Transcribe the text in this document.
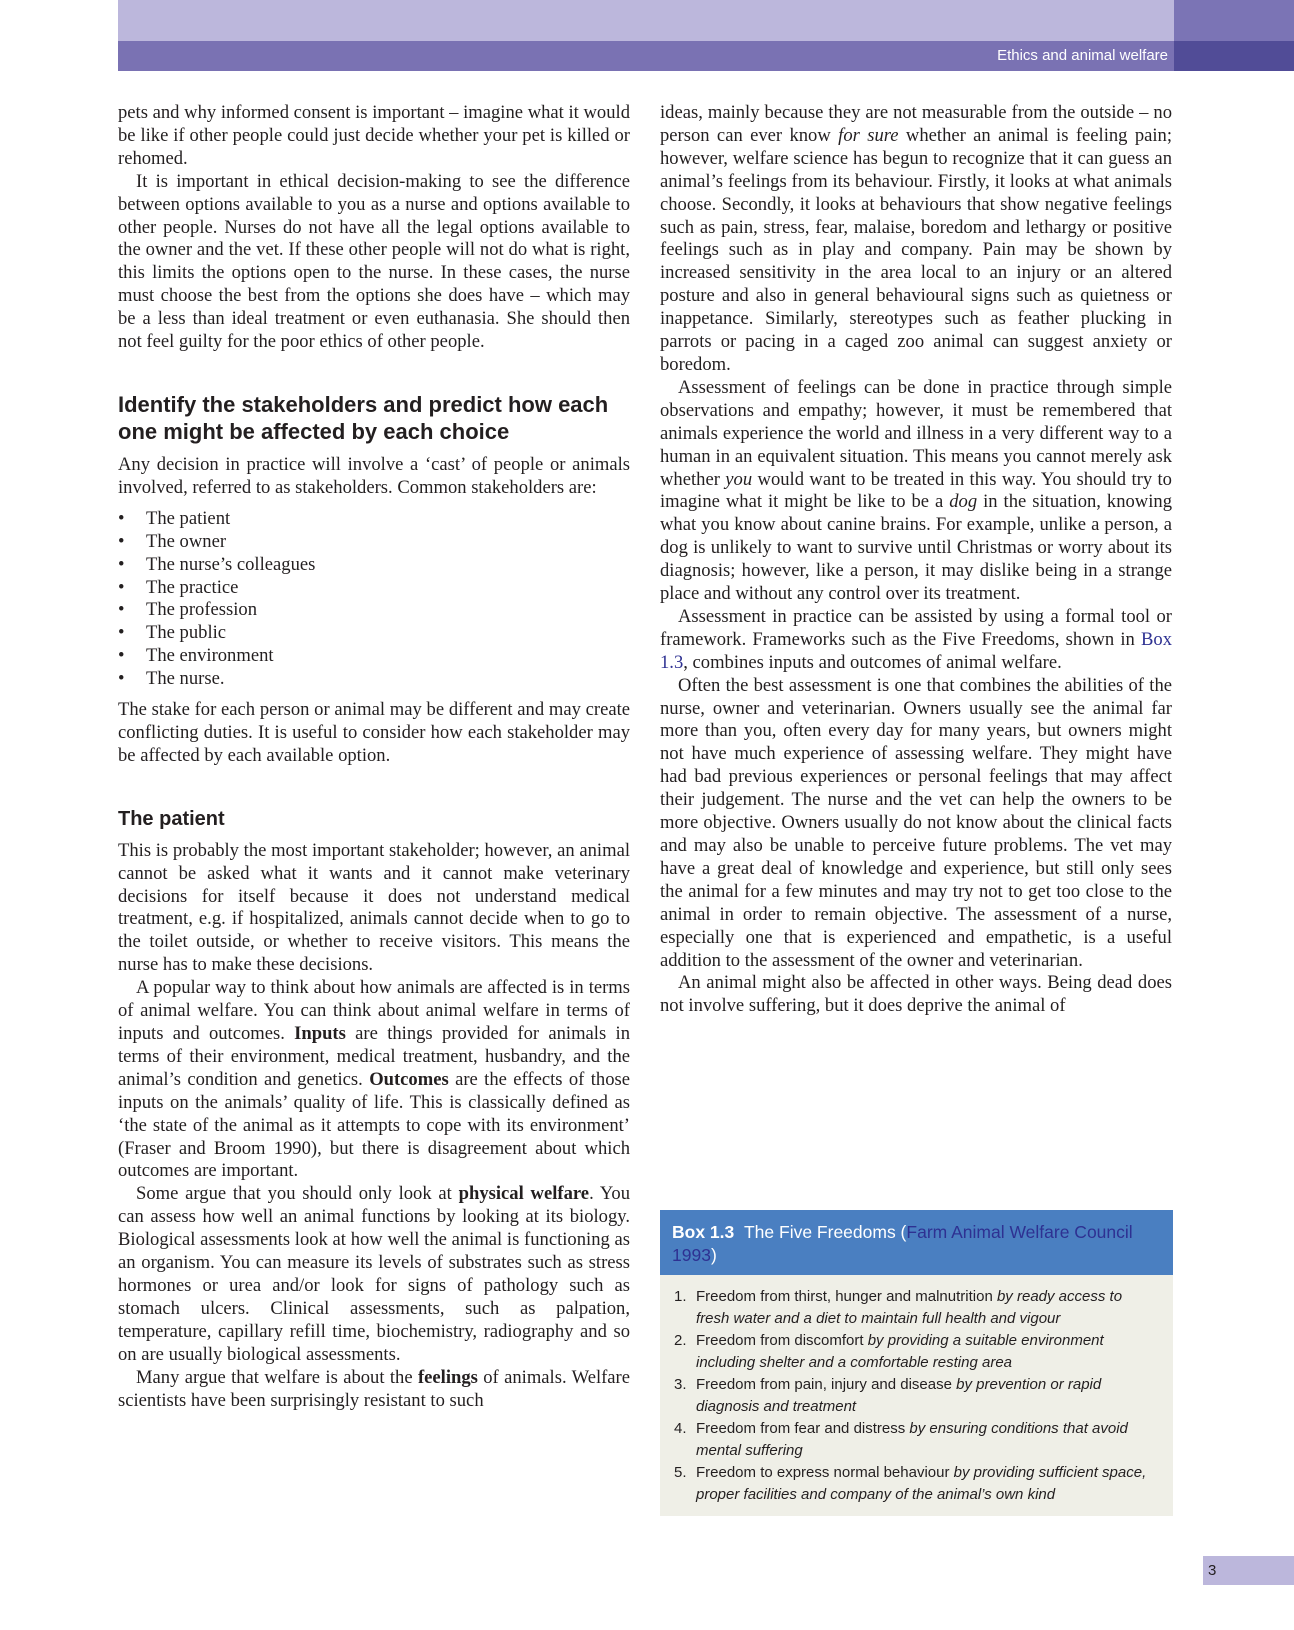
Ethics and animal welfare

pets and why informed consent is important – imagine what it would be like if other people could just decide whether your pet is killed or rehomed.

It is important in ethical decision-making to see the difference between options available to you as a nurse and options available to other people. Nurses do not have all the legal options available to the owner and the vet. If these other people will not do what is right, this limits the options open to the nurse. In these cases, the nurse must choose the best from the options she does have – which may be a less than ideal treatment or even euthanasia. She should then not feel guilty for the poor ethics of other people.

Identify the stakeholders and predict how each one might be affected by each choice

Any decision in practice will involve a ‘cast’ of people or animals involved, referred to as stakeholders. Common stakeholders are:

• The patient
• The owner
• The nurse’s colleagues
• The practice
• The profession
• The public
• The environment
• The nurse.

The stake for each person or animal may be different and may create conflicting duties. It is useful to consider how each stakeholder may be affected by each available option.

The patient

This is probably the most important stakeholder; however, an animal cannot be asked what it wants and it cannot make veterinary decisions for itself because it does not understand medical treatment, e.g. if hospitalized, animals cannot decide when to go to the toilet outside, or whether to receive visitors. This means the nurse has to make these decisions.

A popular way to think about how animals are affected is in terms of animal welfare. You can think about animal welfare in terms of inputs and outcomes. Inputs are things provided for animals in terms of their environment, medical treatment, husbandry, and the animal’s condition and genetics. Outcomes are the effects of those inputs on the animals’ quality of life. This is classically defined as ‘the state of the animal as it attempts to cope with its environment’ (Fraser and Broom 1990), but there is disagreement about which outcomes are important.

Some argue that you should only look at physical welfare. You can assess how well an animal functions by looking at its biology. Biological assessments look at how well the animal is functioning as an organism. You can measure its levels of substrates such as stress hormones or urea and/or look for signs of pathology such as stomach ulcers. Clinical assessments, such as palpation, temperature, capillary refill time, biochemistry, radiography and so on are usually biological assessments.

Many argue that welfare is about the feelings of animals. Welfare scientists have been surprisingly resistant to such

ideas, mainly because they are not measurable from the outside – no person can ever know for sure whether an animal is feeling pain; however, welfare science has begun to recognize that it can guess an animal’s feelings from its behaviour. Firstly, it looks at what animals choose. Secondly, it looks at behaviours that show negative feelings such as pain, stress, fear, malaise, boredom and lethargy or positive feelings such as in play and company. Pain may be shown by increased sensitivity in the area local to an injury or an altered posture and also in general behavioural signs such as quietness or inappetance. Similarly, stereotypes such as feather plucking in parrots or pacing in a caged zoo animal can suggest anxiety or boredom.

Assessment of feelings can be done in practice through simple observations and empathy; however, it must be remembered that animals experience the world and illness in a very different way to a human in an equivalent situation. This means you cannot merely ask whether you would want to be treated in this way. You should try to imagine what it might be like to be a dog in the situation, knowing what you know about canine brains. For example, unlike a person, a dog is unlikely to want to survive until Christmas or worry about its diagnosis; however, like a person, it may dislike being in a strange place and without any control over its treatment.

Assessment in practice can be assisted by using a formal tool or framework. Frameworks such as the Five Freedoms, shown in Box 1.3, combines inputs and outcomes of animal welfare.

Often the best assessment is one that combines the abilities of the nurse, owner and veterinarian. Owners usually see the animal far more than you, often every day for many years, but owners might not have much experience of assessing welfare. They might have had bad previous experiences or personal feelings that may affect their judgement. The nurse and the vet can help the owners to be more objective. Owners usually do not know about the clinical facts and may also be unable to perceive future problems. The vet may have a great deal of knowledge and experience, but still only sees the animal for a few minutes and may try not to get too close to the animal in order to remain objective. The assessment of a nurse, especially one that is experienced and empathetic, is a useful addition to the assessment of the owner and veterinarian.

An animal might also be affected in other ways. Being dead does not involve suffering, but it does deprive the animal of

Box 1.3 The Five Freedoms (Farm Animal Welfare Council 1993)
1. Freedom from thirst, hunger and malnutrition by ready access to fresh water and a diet to maintain full health and vigour
2. Freedom from discomfort by providing a suitable environment including shelter and a comfortable resting area
3. Freedom from pain, injury and disease by prevention or rapid diagnosis and treatment
4. Freedom from fear and distress by ensuring conditions that avoid mental suffering
5. Freedom to express normal behaviour by providing sufficient space, proper facilities and company of the animal’s own kind
3
